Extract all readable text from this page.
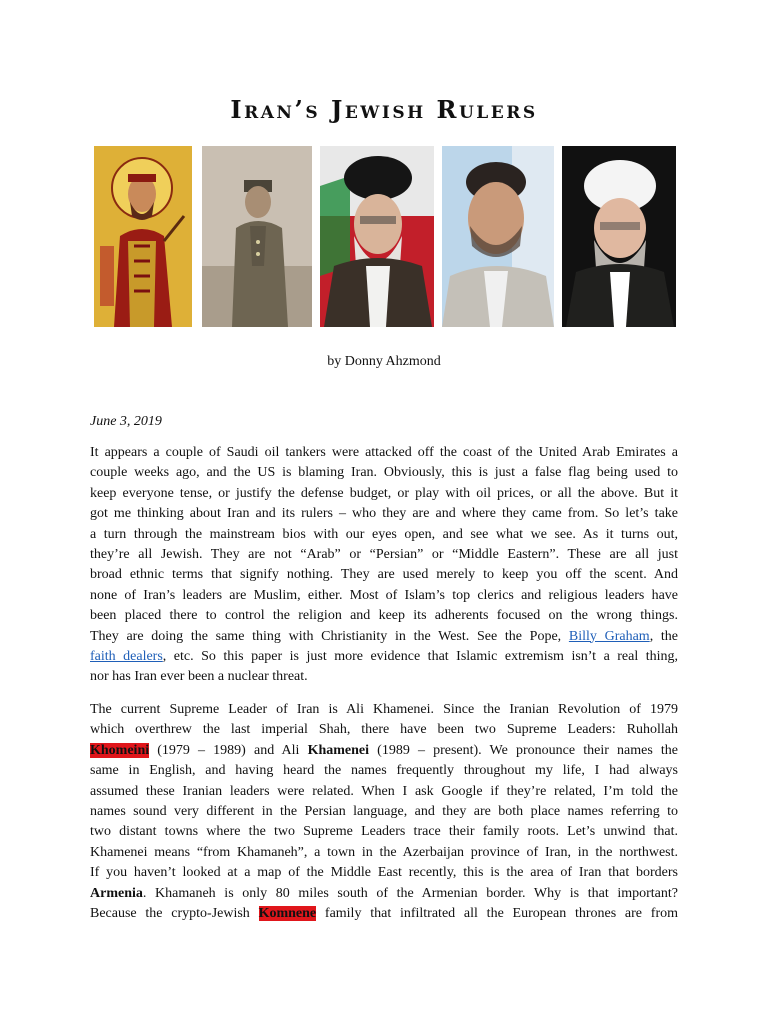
Iran’s Jewish Rulers
by Donny Ahzmond
June 3, 2019
It appears a couple of Saudi oil tankers were attacked off the coast of the United Arab Emirates a
couple weeks ago, and the US is blaming Iran. Obviously, this is just a false flag being used to
keep everyone tense, or justify the defense budget, or play with oil prices, or all the above. But it
got me thinking about Iran and its rulers – who they are and where they came from. So let’s take
a turn through the mainstream bios with our eyes open, and see what we see. As it turns out,
they’re all Jewish. They are not “Arab” or “Persian” or “Middle Eastern”. These are all just
broad ethnic terms that signify nothing. They are used merely to keep you off the scent. And
none of Iran’s leaders are Muslim, either. Most of Islam’s top clerics and religious leaders have
been placed there to control the religion and keep its adherents focused on the wrong things.
They are doing the same thing with Christianity in the West. See the Pope, Billy Graham, the
faith dealers, etc. So this paper is just more evidence that Islamic extremism isn’t a real thing,
nor has Iran ever been a nuclear threat.
The current Supreme Leader of Iran is Ali Khamenei. Since the Iranian Revolution of 1979
which overthrew the last imperial Shah, there have been two Supreme Leaders: Ruhollah
Khomeini (1979 – 1989) and Ali Khamenei (1989 – present). We pronounce their names the
same in English, and having heard the names frequently throughout my life, I had always
assumed these Iranian leaders were related. When I ask Google if they’re related, I’m told the
names sound very different in the Persian language, and they are both place names referring to
two distant towns where the two Supreme Leaders trace their family roots. Let’s unwind that.
Khamenei means “from Khamaneh”, a town in the Azerbaijan province of Iran, in the northwest.
If you haven’t looked at a map of the Middle East recently, this is the area of Iran that borders
Armenia. Khamaneh is only 80 miles south of the Armenian border. Why is that important?
Because the crypto-Jewish Komnene family that infiltrated all the European thrones are from
